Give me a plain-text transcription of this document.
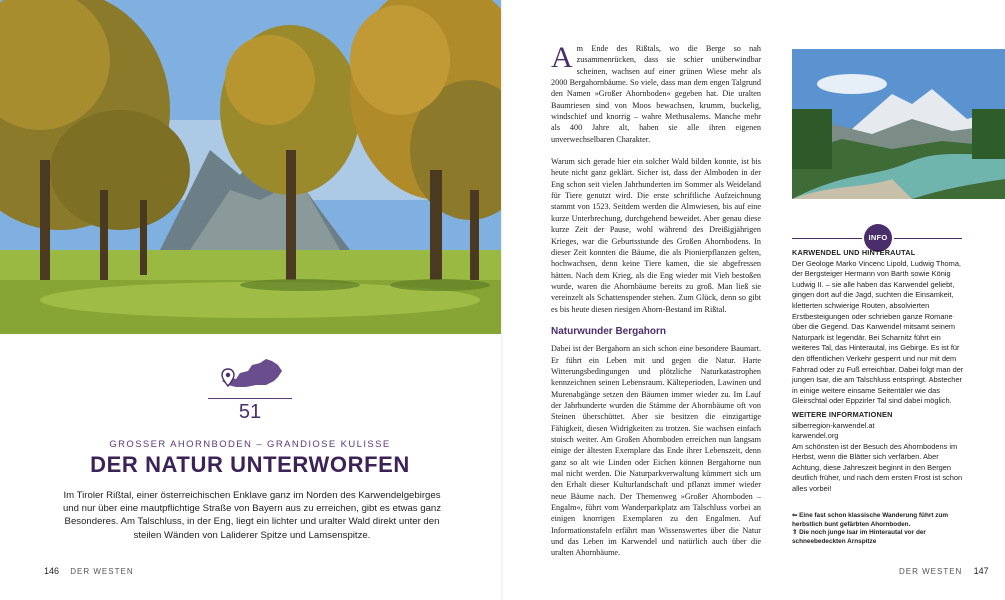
51
GROSSER AHORNBODEN – GRANDIOSE KULISSE
DER NATUR UNTERWORFEN
Im Tiroler Rißtal, einer österreichischen Enklave ganz im Norden des Karwendelgebirges und nur über eine mautpflichtige Straße von Bayern aus zu erreichen, gibt es etwas ganz Besonderes. Am Talschluss, in der Eng, liegt ein lichter und uralter Wald direkt unter den steilen Wänden von Laliderer Spitze und Lamsenspitze.
146 DER WESTEN

Am Ende des Rißtals, wo die Berge so nah zusammenrücken, dass sie schier unüberwindbar scheinen, wachsen auf einer grünen Wiese mehr als 2000 Bergahornbäume. So viele, dass man dem engen Talgrund den Namen »Großer Ahornboden« gegeben hat. Die uralten Baumriesen sind von Moos bewachsen, krumm, buckelig, windschief und knorrig – wahre Methusalems. Manche mehr als 400 Jahre alt, haben sie alle ihren eigenen unverwechselbaren Charakter.

Warum sich gerade hier ein solcher Wald bilden konnte, ist bis heute nicht ganz geklärt. Sicher ist, dass der Almboden in der Eng schon seit vielen Jahrhunderten im Sommer als Weideland für Tiere genutzt wird. Die erste schriftliche Aufzeichnung stammt von 1523. Seitdem werden die Almwiesen, bis auf eine kurze Unterbrechung, durchgehend beweidet. Aber genau diese kurze Zeit der Pause, wohl während des Dreißigjährigen Krieges, war die Geburtsstunde des Großen Ahornbodens. In dieser Zeit konnten die Bäume, die als Pionierpflanzen gelten, hochwachsen, denn keine Tiere kamen, die sie abgefressen hätten. Nach dem Krieg, als die Eng wieder mit Vieh bestoßen wurde, waren die Ahornbäume bereits zu groß. Man ließ sie vereinzelt als Schattenspender stehen. Zum Glück, denn so gibt es bis heute diesen riesigen Ahorn-Bestand im Rißtal.

Naturwunder Bergahorn

Dabei ist der Bergahorn an sich schon eine besondere Baumart. Er führt ein Leben mit und gegen die Natur. Harte Witterungsbedingungen und plötzliche Naturkatastrophen kennzeichnen seinen Lebensraum. Kälteperioden, Lawinen und Murenabgänge setzen den Bäumen immer wieder zu. Im Lauf der Jahrhunderte wurden die Stämme der Ahornbäume oft von Steinen überschüttet. Aber sie besitzen die einzigartige Fähigkeit, diesen Widrigkeiten zu trotzen. Sie wachsen einfach stoisch weiter. Am Großen Ahornboden erreichen nun langsam einige der ältesten Exemplare das Ende ihrer Lebenszeit, denn ganz so alt wie Linden oder Eichen können Bergahorne nun mal nicht werden. Die Naturparkverwaltung kümmert sich um den Erhalt dieser Kulturlandschaft und pflanzt immer wieder neue Bäume nach. Der Themenweg »Großer Ahornboden – Engalm«, führt vom Wanderparkplatz am Talschluss vorbei an einigen knorrigen Exemplaren zu den Engalmen. Auf Informationstafeln erfährt man Wissenswertes über die Natur und das Leben im Karwendel und natürlich auch über die uralten Ahornbäume.

INFO
KARWENDEL UND HINTERAUTAL

Der Geologe Marko Vincenc Lipold, Ludwig Thoma, der Bergsteiger Hermann von Barth sowie König Ludwig II. – sie alle haben das Karwendel geliebt, gingen dort auf die Jagd, suchten die Einsamkeit, kletterten schwierige Routen, absolvierten Erstbesteigungen oder schrieben ganze Romane über die Gegend. Das Karwendel mitsamt seinem Naturpark ist legendär. Bei Scharnitz führt ein weiteres Tal, das Hinterautal, ins Gebirge. Es ist für den öffentlichen Verkehr gesperrt und nur mit dem Fahrrad oder zu Fuß erreichbar. Dabei folgt man der jungen Isar, die am Talschluss entspringt. Abstecher in einige weitere einsame Seitentäler wie das Gleirschtal oder Eppzirler Tal sind dabei möglich.

WEITERE INFORMATIONEN
silberregion-karwendel.at
karwendel.org

Am schönsten ist der Besuch des Ahornbodens im Herbst, wenn die Blätter sich verfärben. Aber Achtung, diese Jahreszeit beginnt in den Bergen deutlich früher, und nach dem ersten Frost ist schon alles vorbei!

⇐ Eine fast schon klassische Wanderung führt zum herbstlich bunt gefärbten Ahornboden.
⇑ Die noch junge Isar im Hinterautal vor der schneebedeckten Arnspitze
DER WESTEN 147
